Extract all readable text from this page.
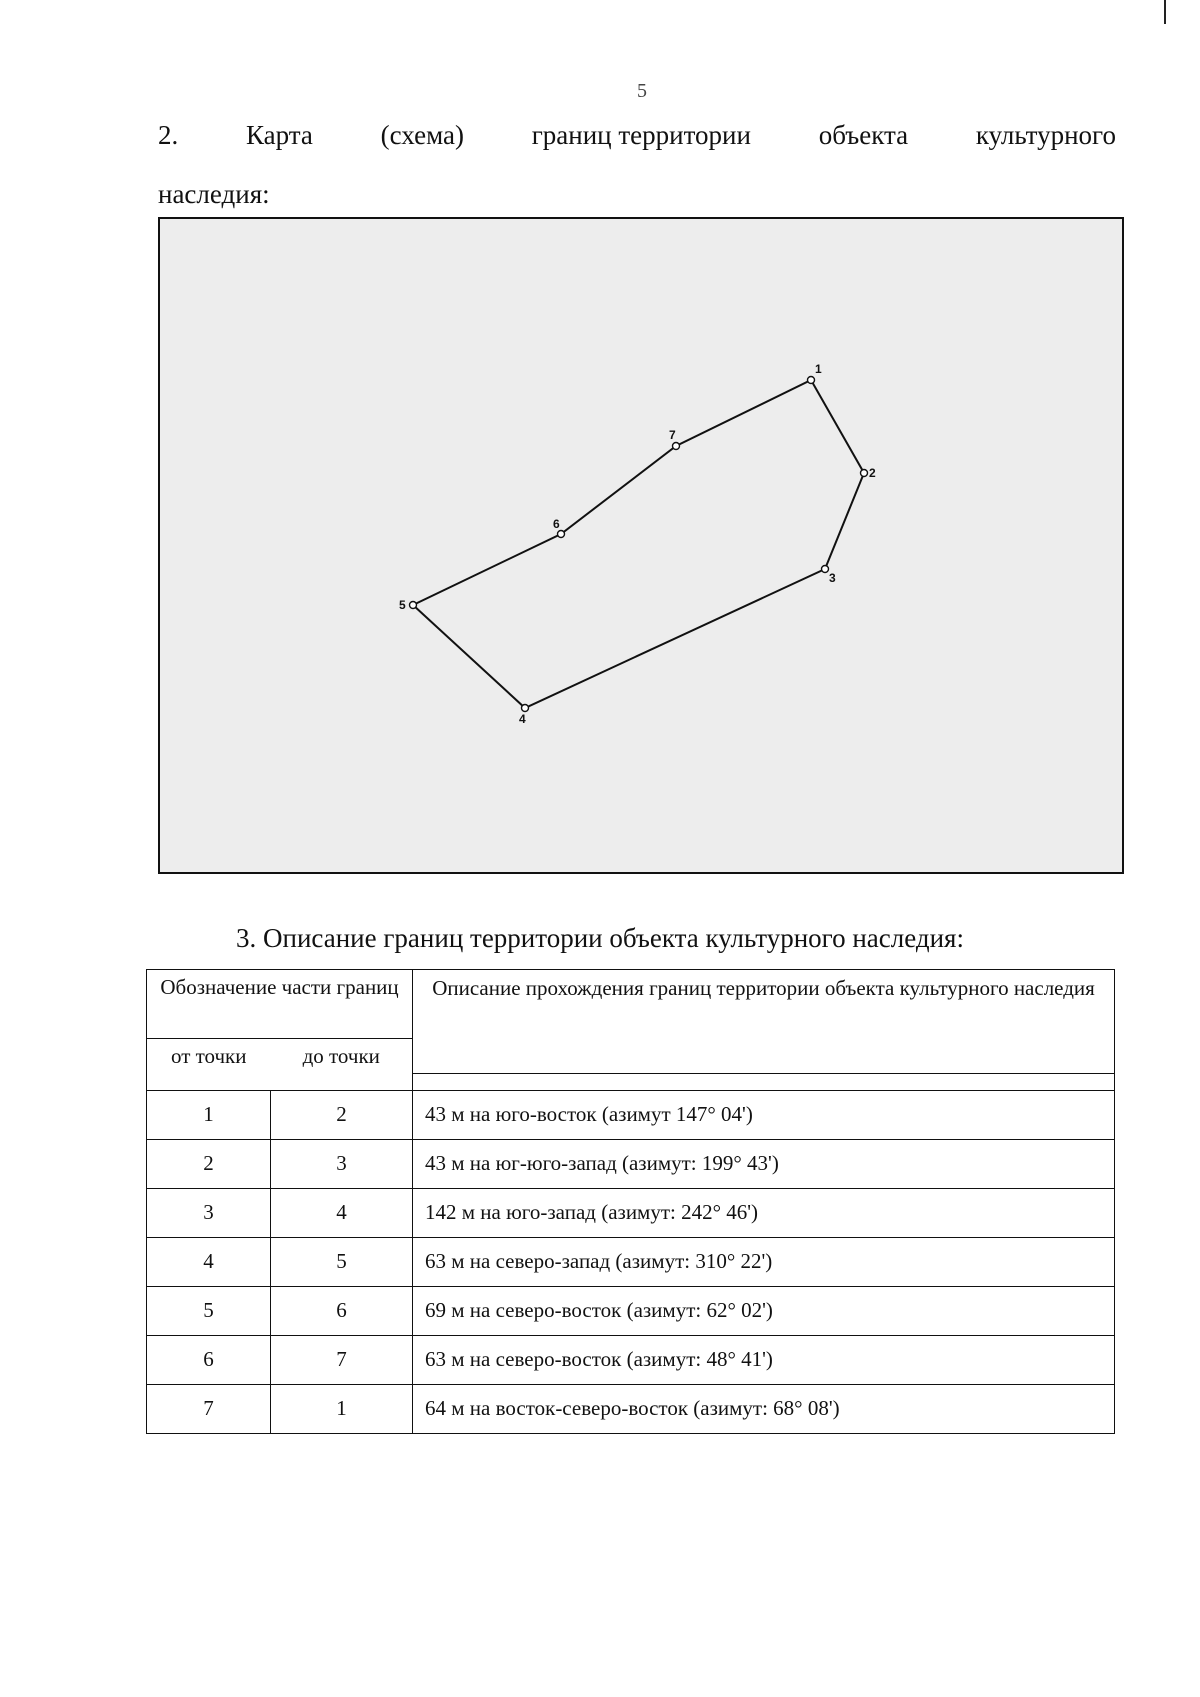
5
2.	Карта	(схема)	границ территории	объекта	культурного
наследия:
1
2
3
4
5
6
7
3. Описание границ территории объекта культурного наследия:
Обозначение части границ		Описание прохождения границ территории объекта культурного наследия
от точки	до точки	

1	2	43 м на юго-восток (азимут 147° 04')
2	3	43 м на юг-юго-запад (азимут: 199° 43')
3	4	142 м на юго-запад (азимут: 242° 46')
4	5	63 м на северо-запад (азимут: 310° 22')
5	6	69 м на северо-восток (азимут: 62° 02')
6	7	63 м на северо-восток (азимут: 48° 41')
7	1	64 м на восток-северо-восток (азимут: 68° 08')
